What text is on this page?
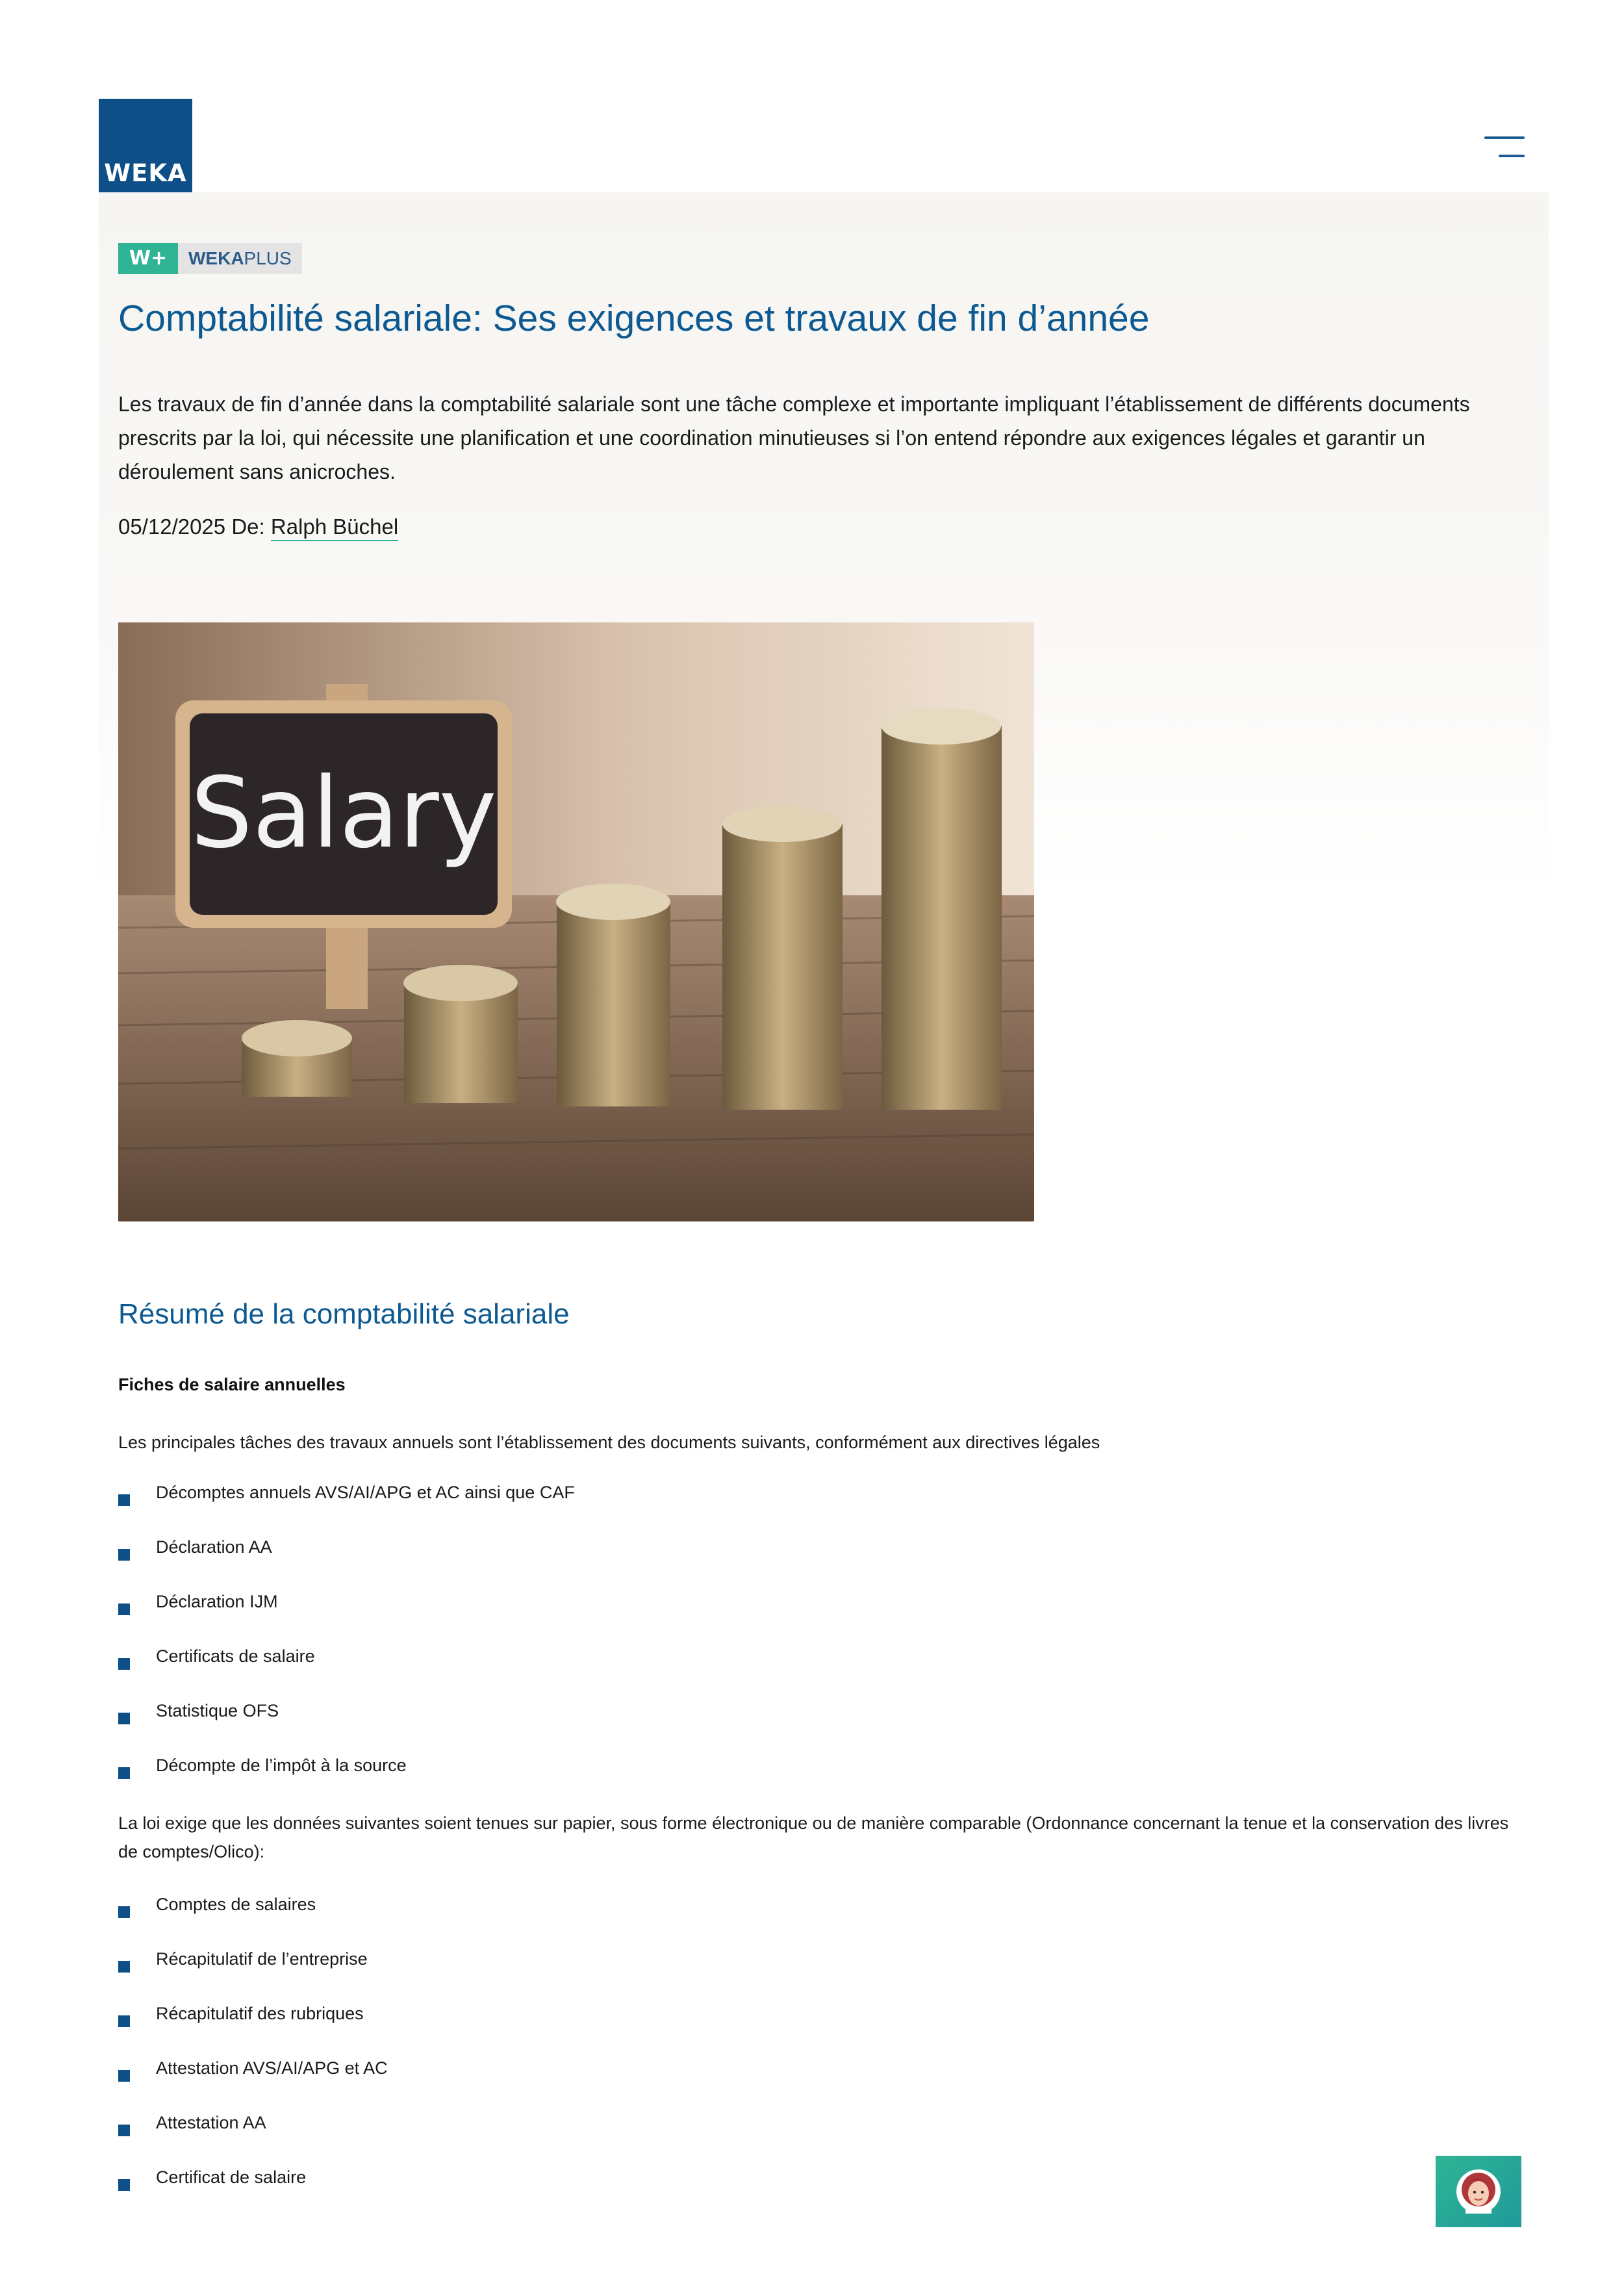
WEKA
W+	WEKA PLUS
Comptabilité salariale: Ses exigences et travaux de fin d’année

Les travaux de fin d’année dans la comptabilité salariale sont une tâche complexe et importante impliquant l’établissement de différents documents prescrits par la loi, qui nécessite une planification et une coordination minutieuses si l’on entend répondre aux exigences légales et garantir un déroulement sans anicroches.

05/12/2025 De: Ralph Büchel
Salary
Résumé de la comptabilité salariale
Fiches de salaire annuelles
Les principales tâches des travaux annuels sont l’établissement des documents suivants, conformément aux directives légales
Décomptes annuels AVS/AI/APG et AC ainsi que CAF
Déclaration AA
Déclaration IJM
Certificats de salaire
Statistique OFS
Décompte de l’impôt à la source
La loi exige que les données suivantes soient tenues sur papier, sous forme électronique ou de manière comparable (Ordonnance concernant la tenue et la conservation des livres de comptes/Olico):
Comptes de salaires
Récapitulatif de l’entreprise
Récapitulatif des rubriques
Attestation AVS/AI/APG et AC
Attestation AA
Certificat de salaire
